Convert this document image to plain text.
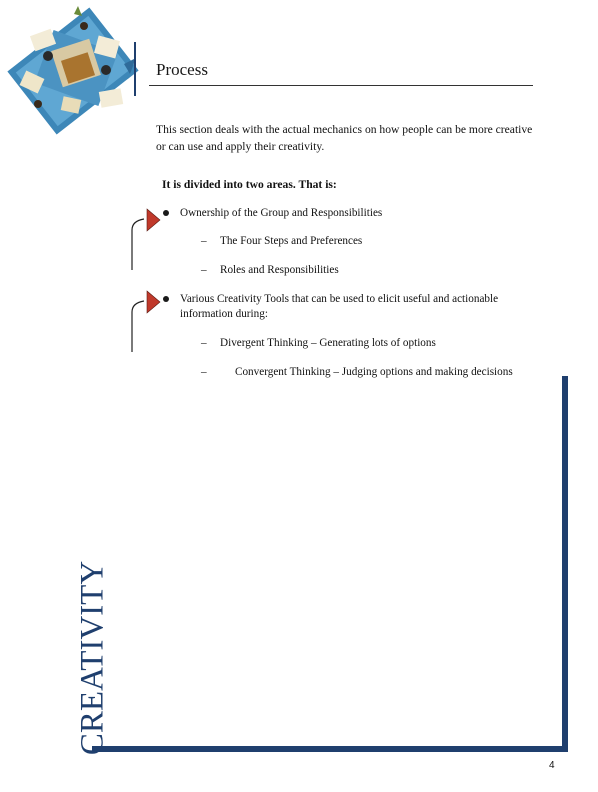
Process
This section deals with the actual mechanics on how people can be more creative or can use and apply their creativity.
It is divided into two areas. That is:
Ownership of the Group and Responsibilities
– The Four Steps and Preferences
– Roles and Responsibilities
Various Creativity Tools that can be used to elicit useful and actionable information during:
– Divergent Thinking – Generating lots of options
–	Convergent Thinking – Judging options and making decisions
CREATIVITY
4
